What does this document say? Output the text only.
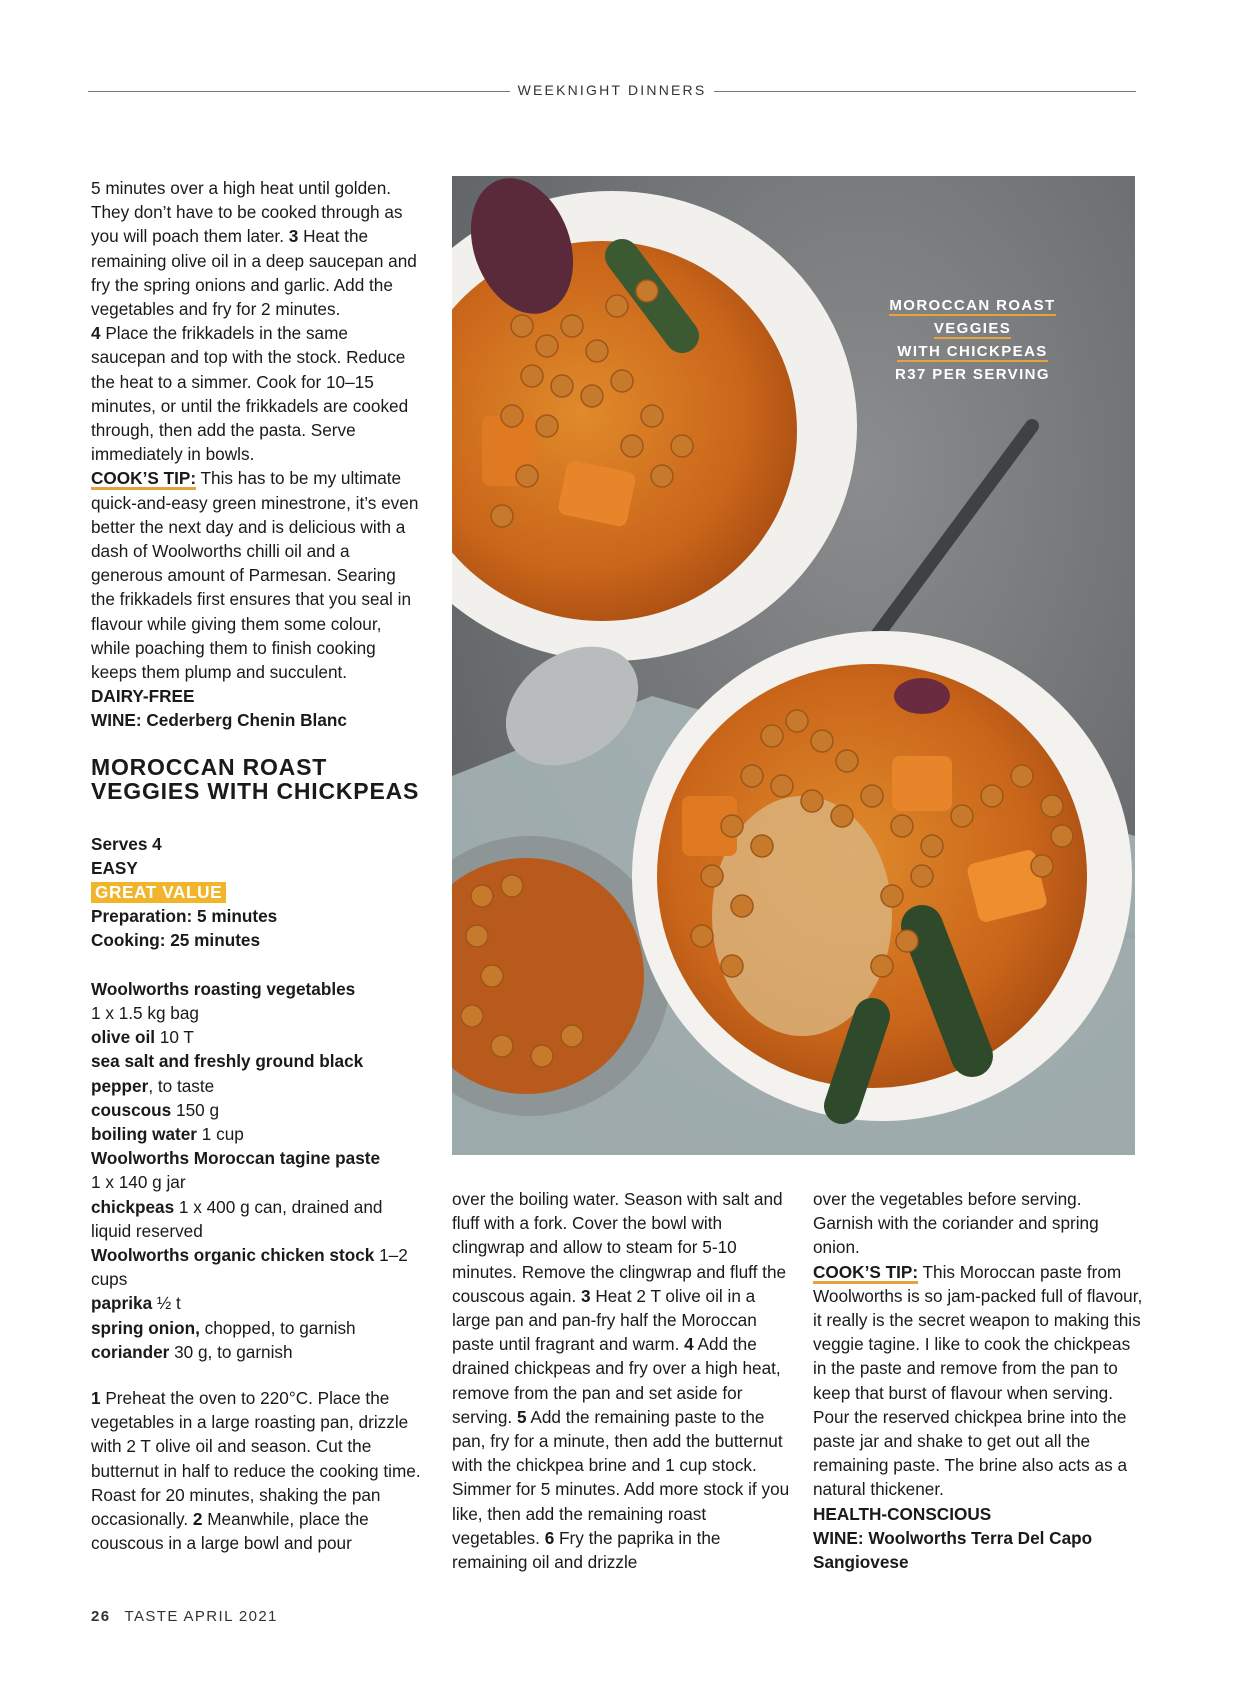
WEEKNIGHT DINNERS

5 minutes over a high heat until golden. They don’t have to be cooked through as you will poach them later. 3 Heat the remaining olive oil in a deep saucepan and fry the spring onions and garlic. Add the vegetables and fry for 2 minutes.

4 Place the frikkadels in the same saucepan and top with the stock. Reduce the heat to a simmer. Cook for 10–15 minutes, or until the frikkadels are cooked through, then add the pasta. Serve immediately in bowls.

COOK’S TIP: This has to be my ultimate quick-and-easy green minestrone, it’s even better the next day and is delicious with a dash of Woolworths chilli oil and a generous amount of Parmesan. Searing the frikkadels first ensures that you seal in flavour while giving them some colour, while poaching them to finish cooking keeps them plump and succulent.

DAIRY-FREE

WINE: Cederberg Chenin Blanc

MOROCCAN ROAST VEGGIES WITH CHICKPEAS

Serves 4

EASY

GREAT VALUE

Preparation: 5 minutes

Cooking: 25 minutes

Woolworths roasting vegetables

1 x 1.5 kg bag

olive oil 10 T

sea salt and freshly ground black pepper, to taste

couscous 150 g

boiling water 1 cup

Woolworths Moroccan tagine paste

1 x 140 g jar

chickpeas 1 x 400 g can, drained and liquid reserved

Woolworths organic chicken stock 1–2 cups

paprika ½ t

spring onion, chopped, to garnish

coriander 30 g, to garnish

1 Preheat the oven to 220°C. Place the vegetables in a large roasting pan, drizzle with 2 T olive oil and season. Cut the butternut in half to reduce the cooking time. Roast for 20 minutes, shaking the pan occasionally. 2 Meanwhile, place the couscous in a large bowl and pour

MOROCCAN ROAST VEGGIES
WITH CHICKPEAS
R37 PER SERVING

over the boiling water. Season with salt and fluff with a fork. Cover the bowl with clingwrap and allow to steam for 5-10 minutes. Remove the clingwrap and fluff the couscous again. 3 Heat 2 T olive oil in a large pan and pan-fry half the Moroccan paste until fragrant and warm. 4 Add the drained chickpeas and fry over a high heat, remove from the pan and set aside for serving. 5 Add the remaining paste to the pan, fry for a minute, then add the butternut with the chickpea brine and 1 cup stock. Simmer for 5 minutes. Add more stock if you like, then add the remaining roast vegetables. 6 Fry the paprika in the remaining oil and drizzle

over the vegetables before serving. Garnish with the coriander and spring onion.

COOK’S TIP: This Moroccan paste from Woolworths is so jam-packed full of flavour, it really is the secret weapon to making this veggie tagine. I like to cook the chickpeas in the paste and remove from the pan to keep that burst of flavour when serving. Pour the reserved chickpea brine into the paste jar and shake to get out all the remaining paste. The brine also acts as a natural thickener.

HEALTH-CONSCIOUS

WINE: Woolworths Terra Del Capo Sangiovese

26 TASTE APRIL 2021
